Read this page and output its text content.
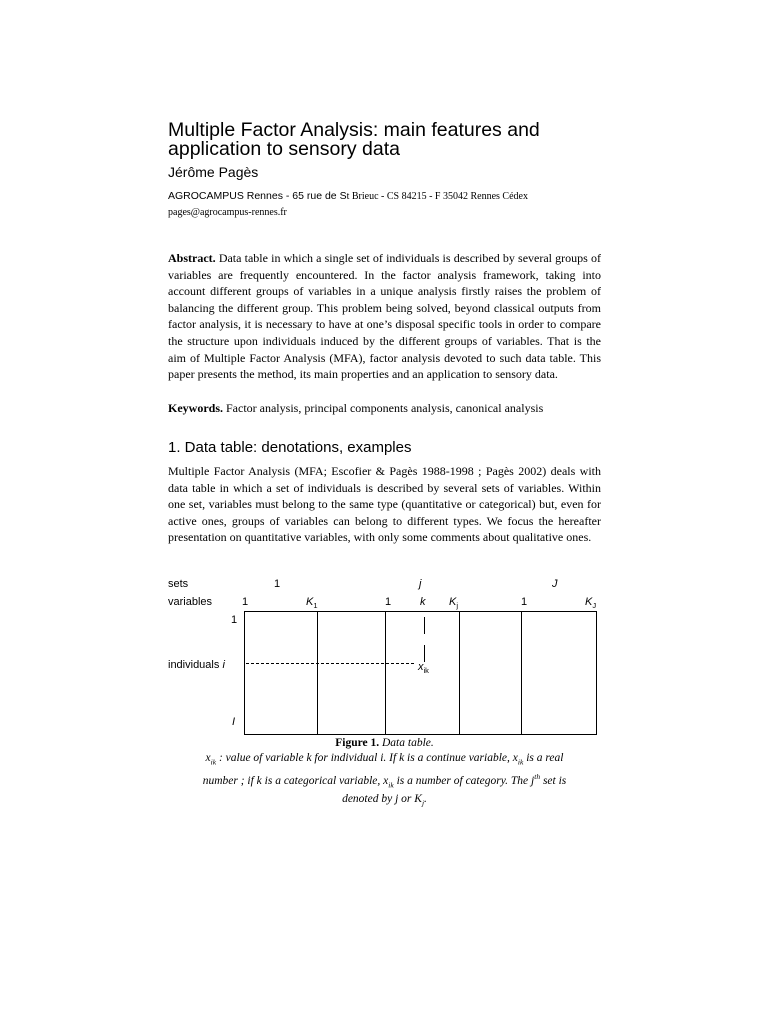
Multiple Factor Analysis: main features and application to sensory data
Jérôme Pagès
AGROCAMPUS Rennes - 65 rue de St Brieuc - CS 84215 - F 35042 Rennes Cédex
pages@agrocampus-rennes.fr
Abstract. Data table in which a single set of individuals is described by several groups of variables are frequently encountered. In the factor analysis framework, taking into account different groups of variables in a unique analysis firstly raises the problem of balancing the different group. This problem being solved, beyond classical outputs from factor analysis, it is necessary to have at one’s disposal specific tools in order to compare the structure upon individuals induced by the different groups of variables. That is the aim of Multiple Factor Analysis (MFA), factor analysis devoted to such data table. This paper presents the method, its main properties and an application to sensory data.
Keywords. Factor analysis, principal components analysis, canonical analysis
1. Data table: denotations, examples
Multiple Factor Analysis (MFA; Escofier & Pagès 1988-1998 ; Pagès 2002) deals with data table in which a set of individuals is described by several sets of variables. Within one set, variables must belong to the same type (quantitative or categorical) but, even for active ones, groups of variables can belong to different types. We focus the hereafter presentation on quantitative variables, with only some comments about qualitative ones.
sets
variables
individuals i
1	j	J
1	$K_1$	1	k $K_j$	1	$K_J$
1
I
$x_{ik}$
Figure 1. Data table.
$x_{ik}$ : value of variable k for individual i. If k is a continue variable, $x_{ik}$ is a real
number ; if k is a categorical variable, $x_{ik}$ is a number of category. The $j^{th}$ set is
denoted by j or $K_j$.
